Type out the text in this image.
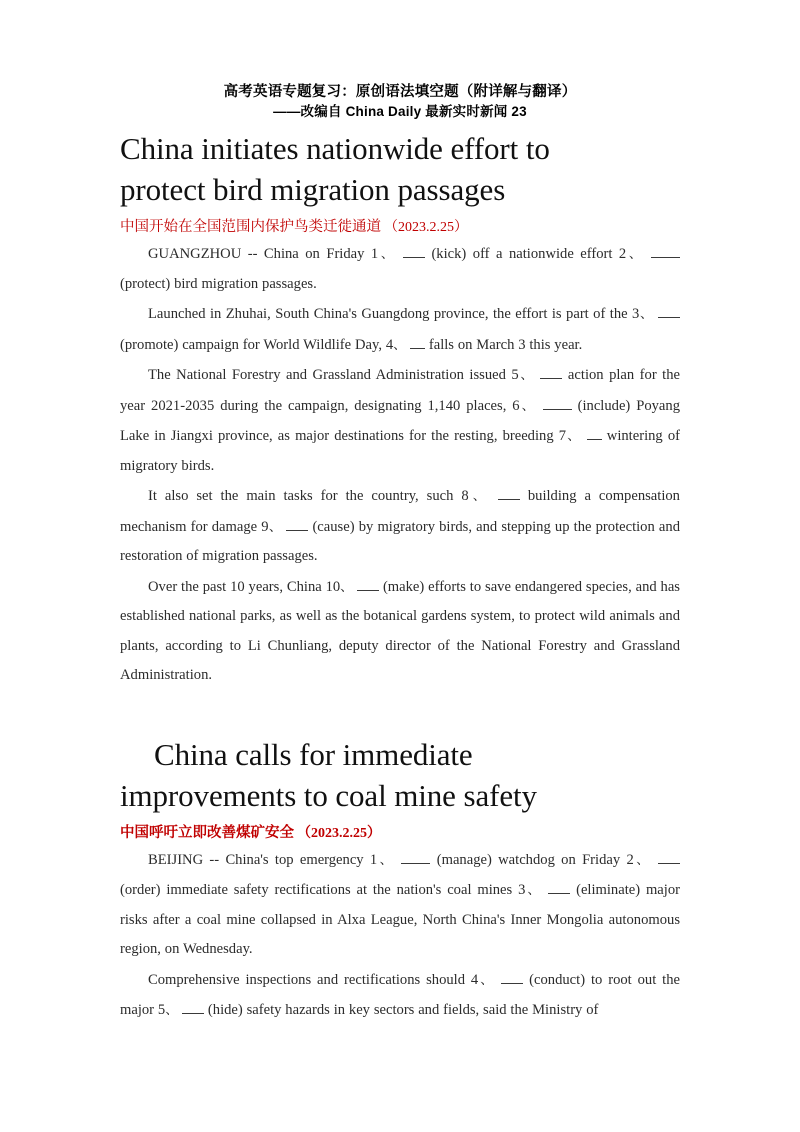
高考英语专题复习：原创语法填空题（附详解与翻译）
——改编自 China Daily 最新实时新闻 23
China initiates nationwide effort to
protect bird migration passages
中国开始在全国范围内保护鸟类迁徙通道 （2023.2.25）

GUANGZHOU -- China on Friday 1、  (kick) off a nationwide effort 2、  (protect) bird migration passages.

Launched in Zhuhai, South China's Guangdong province, the effort is part of the 3、  (promote) campaign for World Wildlife Day, 4、  falls on March 3 this year.

The National Forestry and Grassland Administration issued 5、  action plan for the year 2021-2035 during the campaign, designating 1,140 places, 6、  (include) Poyang Lake in Jiangxi province, as major destinations for the resting, breeding 7、  wintering of migratory birds.

It also set the main tasks for the country, such 8、  building a compensation mechanism for damage 9、  (cause) by migratory birds, and stepping up the protection and restoration of migration passages.

Over the past 10 years, China 10、  (make) efforts to save endangered species, and has established national parks, as well as the botanical gardens system, to protect wild animals and plants, according to Li Chunliang, deputy director of the National Forestry and Grassland Administration.

China calls for immediate
improvements to coal mine safety
中国呼吁立即改善煤矿安全 （2023.2.25）

BEIJING -- China's top emergency 1、  (manage) watchdog on Friday 2、  (order) immediate safety rectifications at the nation's coal mines 3、  (eliminate) major risks after a coal mine collapsed in Alxa League, North China's Inner Mongolia autonomous region, on Wednesday.

Comprehensive inspections and rectifications should 4、  (conduct) to root out the major 5、  (hide) safety hazards in key sectors and fields, said the Ministry of
